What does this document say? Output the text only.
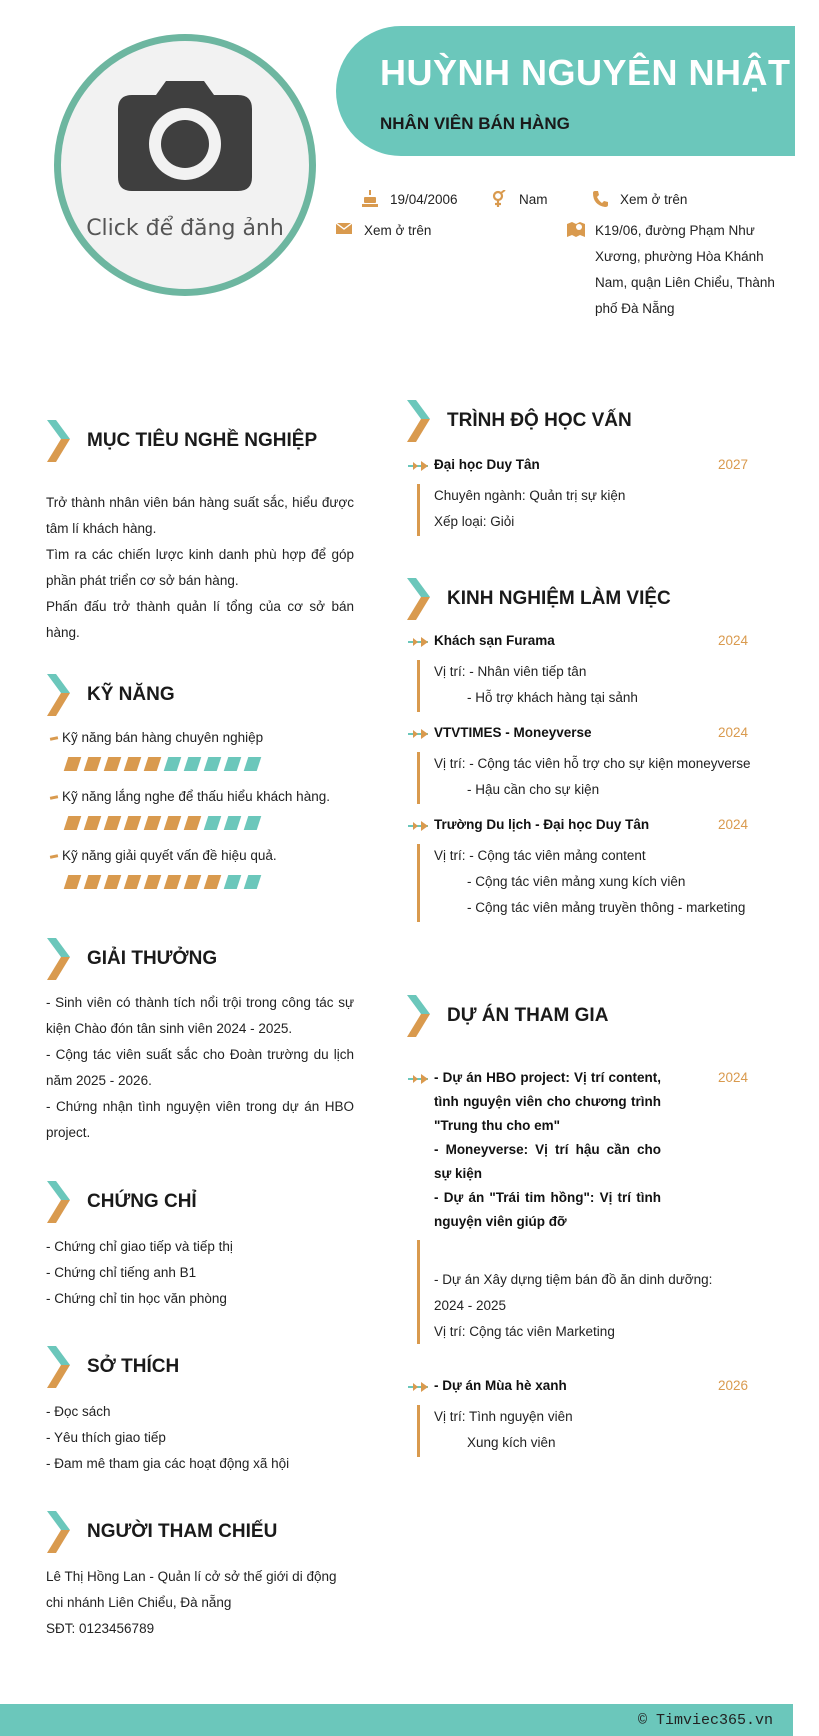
Click để đăng ảnh
HUỲNH NGUYÊN NHẬT
NHÂN VIÊN BÁN HÀNG
19/04/2006	Nam	Xem ở trên
Xem ở trên	K19/06, đường Phạm Như Xương, phường Hòa Khánh Nam, quận Liên Chiểu, Thành phố Đà Nẵng
MỤC TIÊU NGHỀ NGHIỆP

Trở thành nhân viên bán hàng suất sắc, hiểu được tâm lí khách hàng.

Tìm ra các chiến lược kinh danh phù hợp để góp phần phát triển cơ sở bán hàng.

Phấn đấu trở thành quản lí tổng của cơ sở bán hàng.

KỸ NĂNG
Kỹ năng bán hàng chuyên nghiệp
Kỹ năng lắng nghe để thấu hiểu khách hàng.
Kỹ năng giải quyết vấn đề hiệu quả.
GIẢI THƯỞNG

- Sinh viên có thành tích nổi trội trong công tác sự kiện Chào đón tân sinh viên 2024 - 2025.

- Cộng tác viên suất sắc cho Đoàn trường du lịch năm 2025 - 2026.

- Chứng nhận tình nguyện viên trong dự án HBO project.

CHỨNG CHỈ

- Chứng chỉ giao tiếp và tiếp thị

- Chứng chỉ tiếng anh B1

- Chứng chỉ tin học văn phòng

SỞ THÍCH

- Đọc sách

- Yêu thích giao tiếp

- Đam mê tham gia các hoạt động xã hội

NGƯỜI THAM CHIẾU

Lê Thị Hồng Lan - Quản lí cở sở thế giới di động chi nhánh Liên Chiểu, Đà nẵng

SĐT: 0123456789

TRÌNH ĐỘ HỌC VẤN
Đại học Duy Tân	2027
Chuyên ngành: Quản trị sự kiện
Xếp loại: Giỏi
KINH NGHIỆM LÀM VIỆC
Khách sạn Furama	2024
Vị trí: - Nhân viên tiếp tân
- Hỗ trợ khách hàng tại sảnh
VTVTIMES - Moneyverse	2024
Vị trí: - Cộng tác viên hỗ trợ cho sự kiện moneyverse
- Hậu cần cho sự kiện
Trường Du lịch - Đại học Duy Tân	2024
Vị trí: - Cộng tác viên mảng content
- Cộng tác viên mảng xung kích viên
- Cộng tác viên mảng truyền thông - marketing
DỰ ÁN THAM GIA
2024
- Dự án HBO project: Vị trí content, tình nguyện viên cho chương trình "Trung thu cho em"
- Moneyverse: Vị trí hậu cần cho sự kiện
- Dự án "Trái tim hồng": Vị trí tình nguyện viên giúp đỡ
- Dự án Xây dựng tiệm bán đồ ăn dinh dưỡng:
2024 - 2025
Vị trí: Cộng tác viên Marketing
- Dự án Mùa hè xanh	2026
Vị trí: Tình nguyện viên
Xung kích viên
© Timviec365.vn
